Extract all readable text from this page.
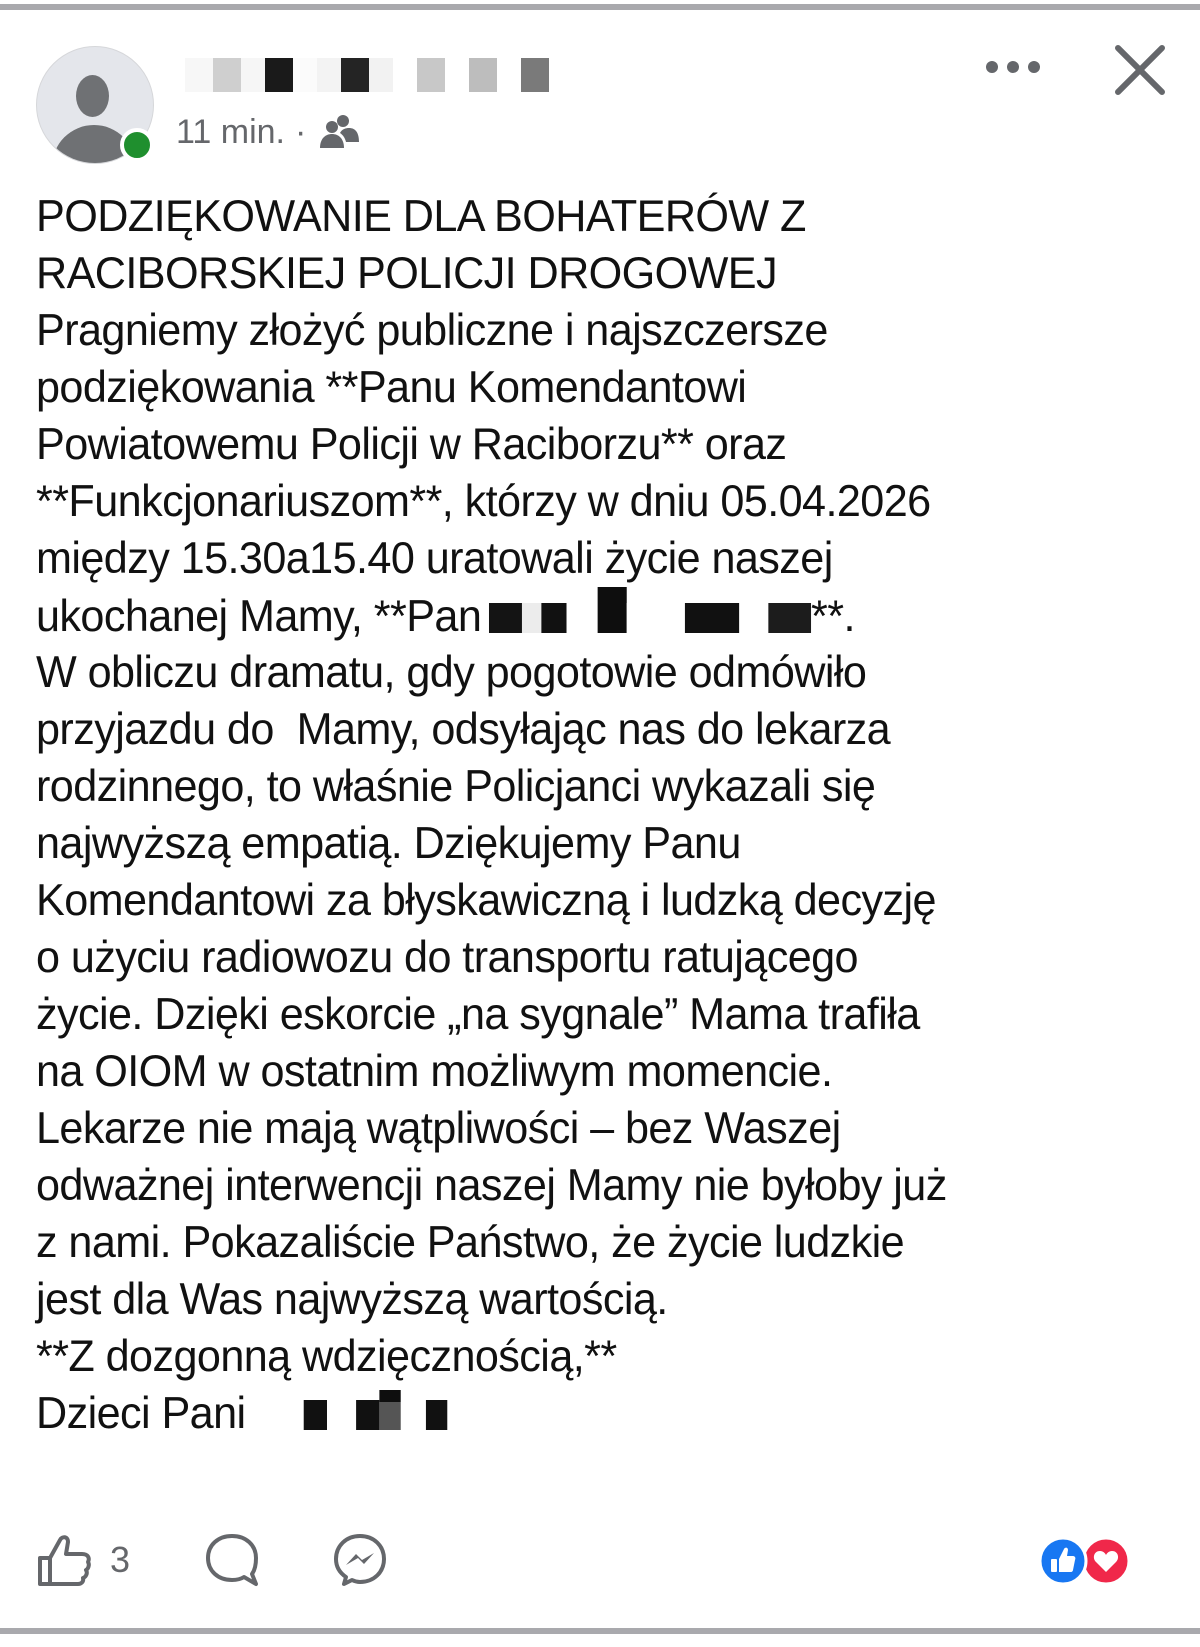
11 min. ·
PODZIĘKOWANIE DLA BOHATERÓW Z
RACIBORSKIEJ POLICJI DROGOWEJ
Pragniemy złożyć publiczne i najszczersze
podziękowania **Panu Komendantowi
Powiatowemu Policji w Raciborzu** oraz
**Funkcjonariuszom**, którzy w dniu 05.04.2026
między 15.30a15.40 uratowali życie naszej
ukochanej Mamy, **Pan	**.
W obliczu dramatu, gdy pogotowie odmówiło
przyjazdu do  Mamy, odsyłając nas do lekarza
rodzinnego, to właśnie Policjanci wykazali się
najwyższą empatią. Dziękujemy Panu
Komendantowi za błyskawiczną i ludzką decyzję
o użyciu radiowozu do transportu ratującego
życie. Dzięki eskorcie „na sygnale” Mama trafiła
na OIOM w ostatnim możliwym momencie.
Lekarze nie mają wątpliwości – bez Waszej
odważnej interwencji naszej Mamy nie byłoby już
z nami. Pokazaliście Państwo, że życie ludzkie
jest dla Was najwyższą wartością.
**Z dozgonną wdzięcznością,**
Dzieci Pani
3
